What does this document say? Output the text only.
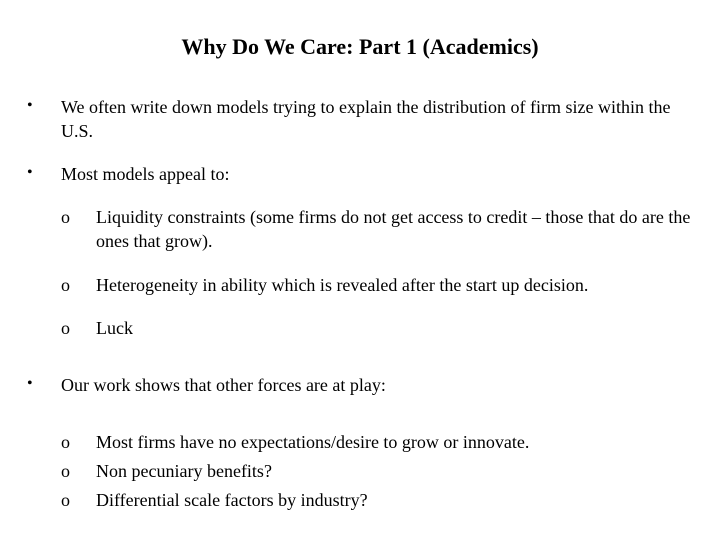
Why Do We Care: Part 1 (Academics)
• We often write down models trying to explain the distribution of firm size within the U.S.
• Most models appeal to:
o Liquidity constraints (some firms do not get access to credit – those that do are the ones that grow).
o Heterogeneity in ability which is revealed after the start up decision.
o Luck
• Our work shows that other forces are at play:
o Most firms have no expectations/desire to grow or innovate.
o Non pecuniary benefits?
o Differential scale factors by industry?
